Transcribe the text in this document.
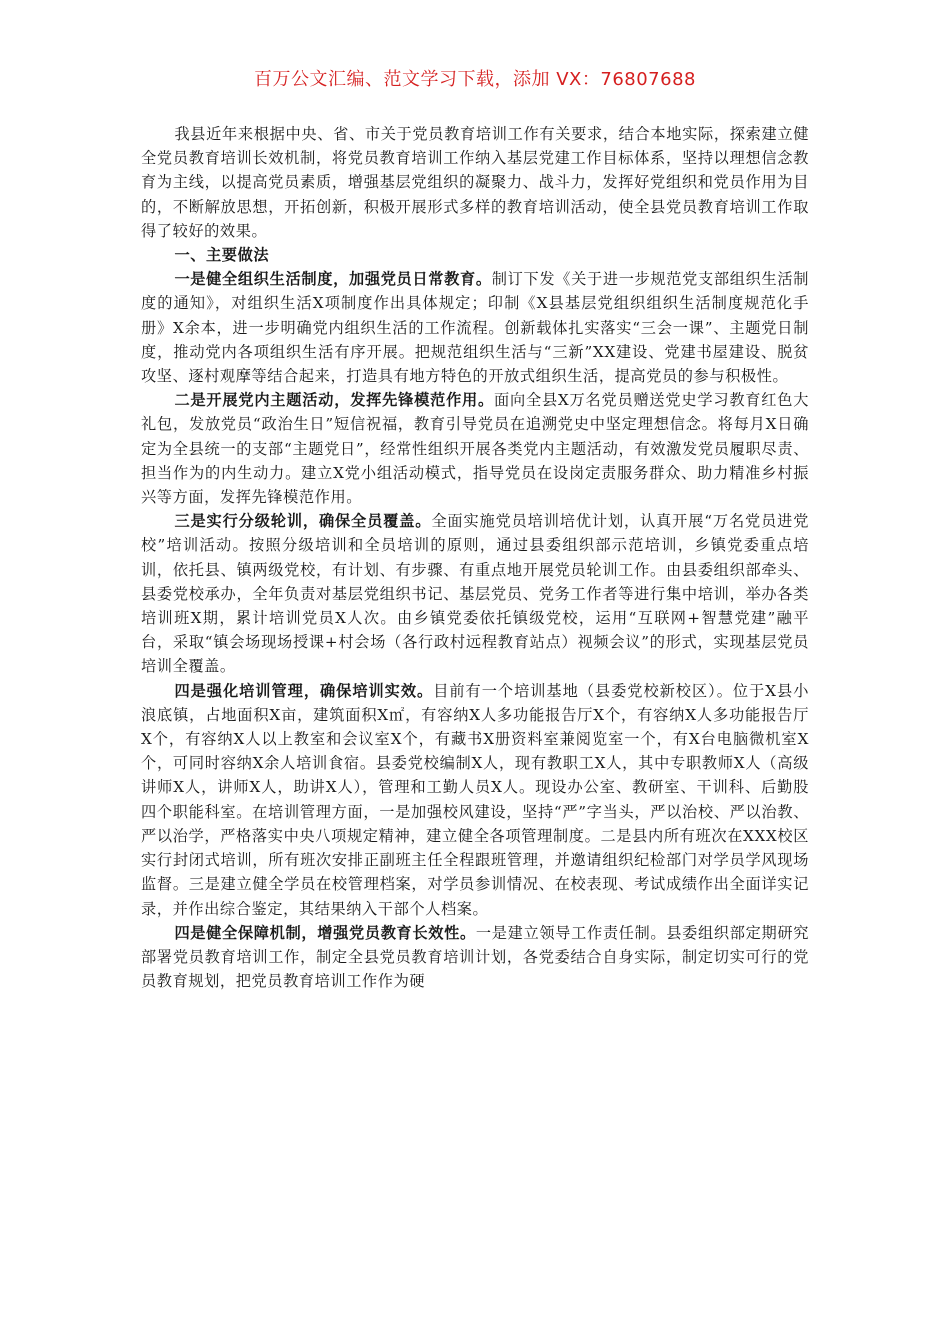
百万公文汇编、范文学习下载，添加 VX：76807688

我县近年来根据中央、省、市关于党员教育培训工作有关要求，结合本地实际，探索建立健全党员教育培训长效机制，将党员教育培训工作纳入基层党建工作目标体系，坚持以理想信念教育为主线，以提高党员素质，增强基层党组织的凝聚力、战斗力，发挥好党组织和党员作用为目的，不断解放思想，开拓创新，积极开展形式多样的教育培训活动，使全县党员教育培训工作取得了较好的效果。

一、主要做法

一是健全组织生活制度，加强党员日常教育。制订下发《关于进一步规范党支部组织生活制度的通知》，对组织生活X项制度作出具体规定；印制《X县基层党组织组织生活制度规范化手册》X余本，进一步明确党内组织生活的工作流程。创新载体扎实落实“三会一课”、主题党日制度，推动党内各项组织生活有序开展。把规范组织生活与“三新”XX建设、党建书屋建设、脱贫攻坚、逐村观摩等结合起来，打造具有地方特色的开放式组织生活，提高党员的参与积极性。

二是开展党内主题活动，发挥先锋模范作用。面向全县X万名党员赠送党史学习教育红色大礼包，发放党员“政治生日”短信祝福，教育引导党员在追溯党史中坚定理想信念。将每月X日确定为全县统一的支部“主题党日”，经常性组织开展各类党内主题活动，有效激发党员履职尽责、担当作为的内生动力。建立X党小组活动模式，指导党员在设岗定责服务群众、助力精准乡村振兴等方面，发挥先锋模范作用。

三是实行分级轮训，确保全员覆盖。全面实施党员培训培优计划，认真开展“万名党员进党校”培训活动。按照分级培训和全员培训的原则，通过县委组织部示范培训，乡镇党委重点培训，依托县、镇两级党校，有计划、有步骤、有重点地开展党员轮训工作。由县委组织部牵头、县委党校承办，全年负责对基层党组织书记、基层党员、党务工作者等进行集中培训，举办各类培训班X期，累计培训党员X人次。由乡镇党委依托镇级党校，运用“互联网+智慧党建”融平台，采取“镇会场现场授课+村会场（各行政村远程教育站点）视频会议”的形式，实现基层党员培训全覆盖。

四是强化培训管理，确保培训实效。目前有一个培训基地（县委党校新校区）。位于X县小浪底镇，占地面积X亩，建筑面积X㎡，有容纳X人多功能报告厅X个，有容纳X人多功能报告厅X个，有容纳X人以上教室和会议室X个，有藏书X册资料室兼阅览室一个，有X台电脑微机室X个，可同时容纳X余人培训食宿。县委党校编制X人，现有教职工X人，其中专职教师X人（高级讲师X人，讲师X人，助讲X人），管理和工勤人员X人。现设办公室、教研室、干训科、后勤股四个职能科室。在培训管理方面，一是加强校风建设，坚持“严”字当头，严以治校、严以治教、严以治学，严格落实中央八项规定精神，建立健全各项管理制度。二是县内所有班次在XXX校区实行封闭式培训，所有班次安排正副班主任全程跟班管理，并邀请组织纪检部门对学员学风现场监督。三是建立健全学员在校管理档案，对学员参训情况、在校表现、考试成绩作出全面详实记录，并作出综合鉴定，其结果纳入干部个人档案。

四是健全保障机制，增强党员教育长效性。一是建立领导工作责任制。县委组织部定期研究部署党员教育培训工作，制定全县党员教育培训计划，各党委结合自身实际，制定切实可行的党员教育规划，把党员教育培训工作作为硬
